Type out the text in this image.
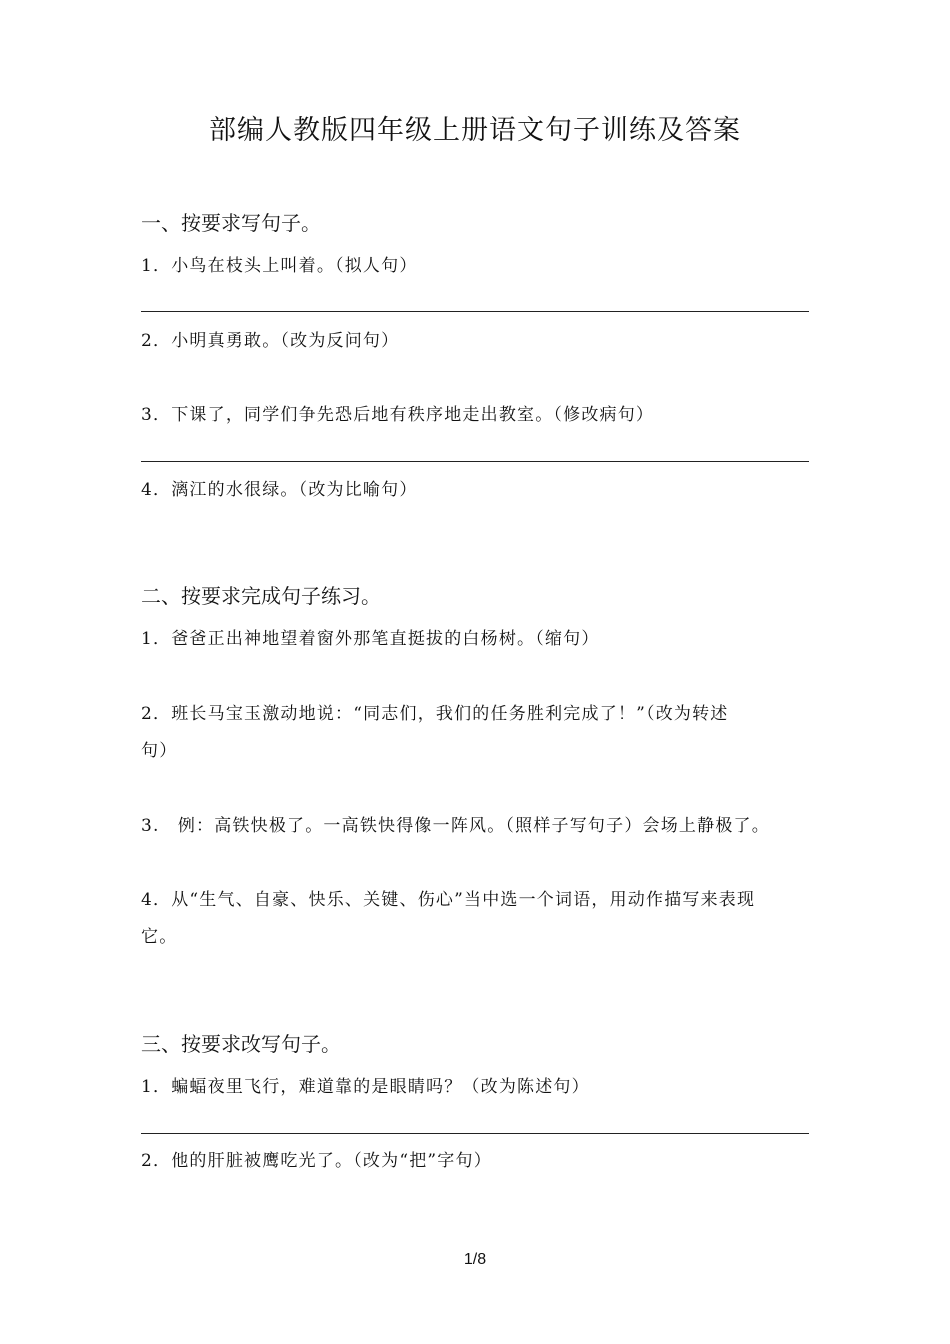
部编人教版四年级上册语文句子训练及答案
一、按要求写句子。
1．小鸟在枝头上叫着。（拟人句）
2．小明真勇敢。（改为反问句）
3．下课了，同学们争先恐后地有秩序地走出教室。（修改病句）
4．漓江的水很绿。（改为比喻句）
二、按要求完成句子练习。
1．爸爸正出神地望着窗外那笔直挺拔的白杨树。（缩句）
2．班长马宝玉激动地说：“同志们，我们的任务胜利完成了！”（改为转述
句）
3.　例：高铁快极了。一高铁快得像一阵风。（照样子写句子）会场上静极了。
4．从“生气、自豪、快乐、关键、伤心”当中选一个词语，用动作描写来表现
它。
三、按要求改写句子。
1．蝙蝠夜里飞行，难道靠的是眼睛吗？（改为陈述句）
2．他的肝脏被鹰吃光了。（改为“把”字句）
1/8
